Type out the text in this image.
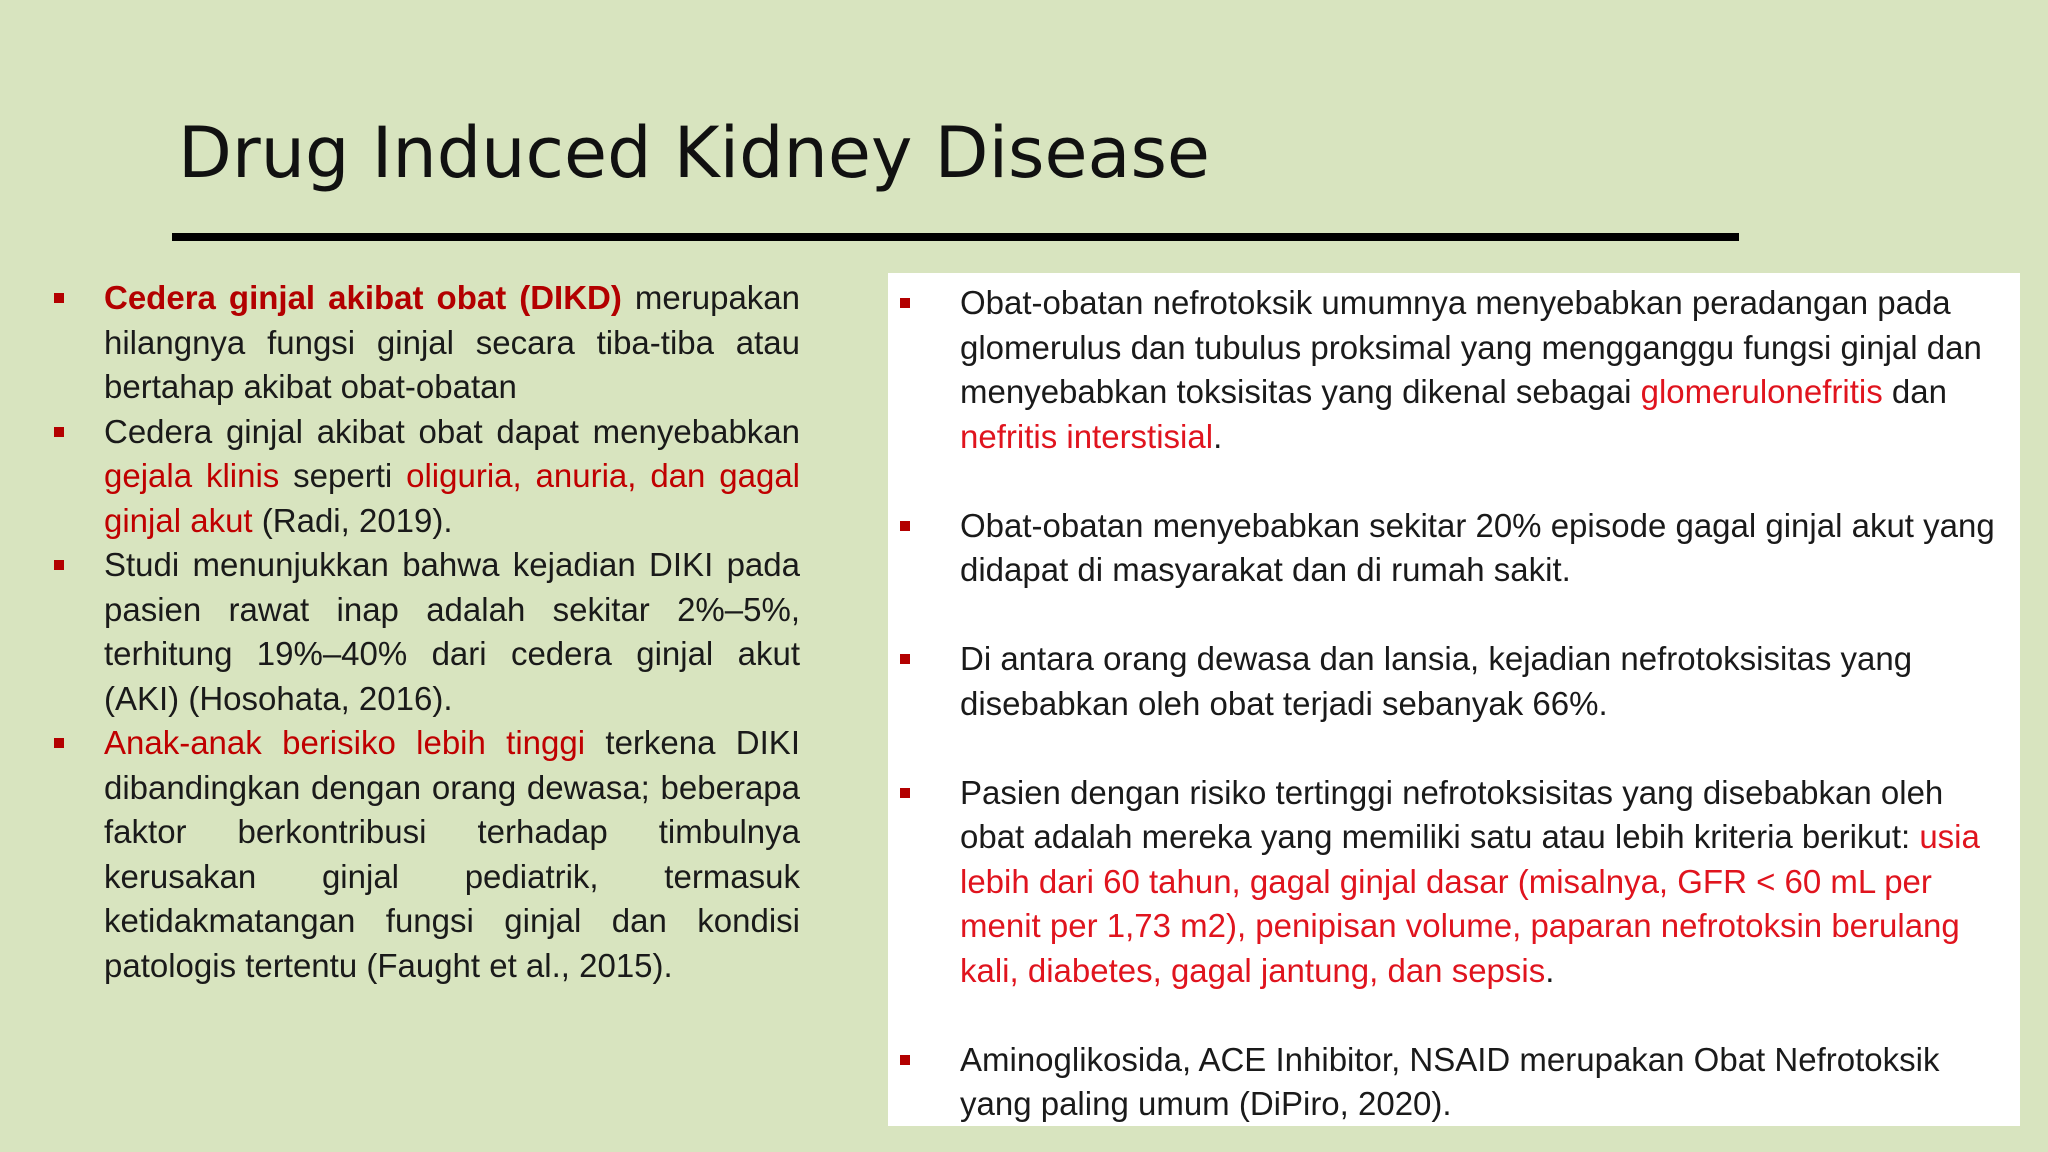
Drug Induced Kidney Disease
Cedera ginjal akibat obat (DIKD) merupakan hilangnya fungsi ginjal secara tiba-tiba atau bertahap akibat obat-obatan
Cedera ginjal akibat obat dapat menyebabkan gejala klinis seperti oliguria, anuria, dan gagal ginjal akut (Radi, 2019).
Studi menunjukkan bahwa kejadian DIKI pada pasien rawat inap adalah sekitar 2%–5%, terhitung 19%–40% dari cedera ginjal akut (AKI) (Hosohata, 2016).
Anak-anak berisiko lebih tinggi terkena DIKI dibandingkan dengan orang dewasa; beberapa faktor berkontribusi terhadap timbulnya kerusakan ginjal pediatrik, termasuk ketidakmatangan fungsi ginjal dan kondisi patologis tertentu (Faught et al., 2015).
Obat-obatan nefrotoksik umumnya menyebabkan peradangan pada glomerulus dan tubulus proksimal yang mengganggu fungsi ginjal dan menyebabkan toksisitas yang dikenal sebagai glomerulonefritis dan nefritis interstisial.
Obat-obatan menyebabkan sekitar 20% episode gagal ginjal akut yang didapat di masyarakat dan di rumah sakit.
Di antara orang dewasa dan lansia, kejadian nefrotoksisitas yang disebabkan oleh obat terjadi sebanyak 66%.
Pasien dengan risiko tertinggi nefrotoksisitas yang disebabkan oleh obat adalah mereka yang memiliki satu atau lebih kriteria berikut: usia lebih dari 60 tahun, gagal ginjal dasar (misalnya, GFR < 60 mL per menit per 1,73 m2), penipisan volume, paparan nefrotoksin berulang kali, diabetes, gagal jantung, dan sepsis.
Aminoglikosida, ACE Inhibitor, NSAID merupakan Obat Nefrotoksik yang paling umum (DiPiro, 2020).
